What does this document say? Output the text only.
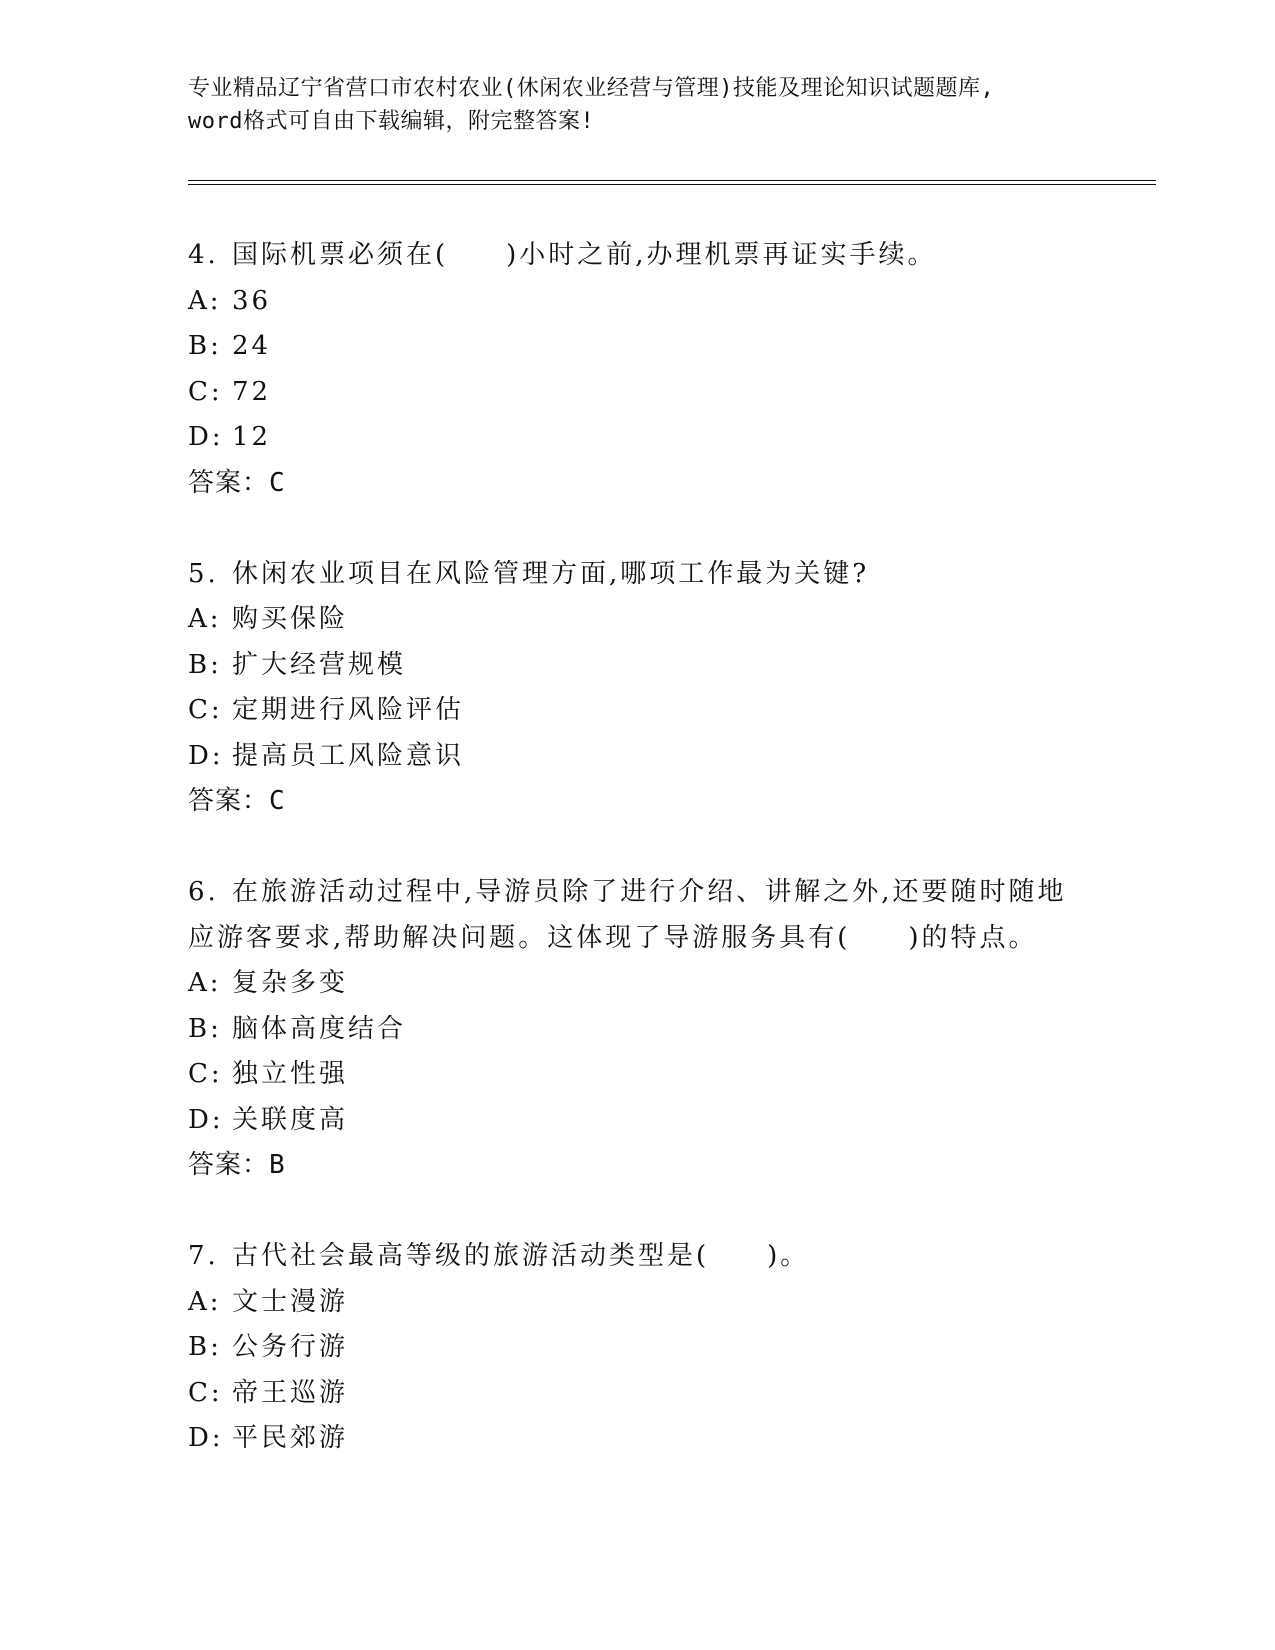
专业精品辽宁省营口市农村农业(休闲农业经营与管理)技能及理论知识试题题库,
word格式可自由下载编辑，附完整答案!
4. 国际机票必须在(　　)小时之前,办理机票再证实手续。
A: 36
B: 24
C: 72
D: 12
答案：C
5. 休闲农业项目在风险管理方面,哪项工作最为关键?
A: 购买保险
B: 扩大经营规模
C: 定期进行风险评估
D: 提高员工风险意识
答案：C
6. 在旅游活动过程中,导游员除了进行介绍、讲解之外,还要随时随地
应游客要求,帮助解决问题。这体现了导游服务具有(　　)的特点。
A: 复杂多变
B: 脑体高度结合
C: 独立性强
D: 关联度高
答案：B
7. 古代社会最高等级的旅游活动类型是(　　)。
A: 文士漫游
B: 公务行游
C: 帝王巡游
D: 平民郊游
